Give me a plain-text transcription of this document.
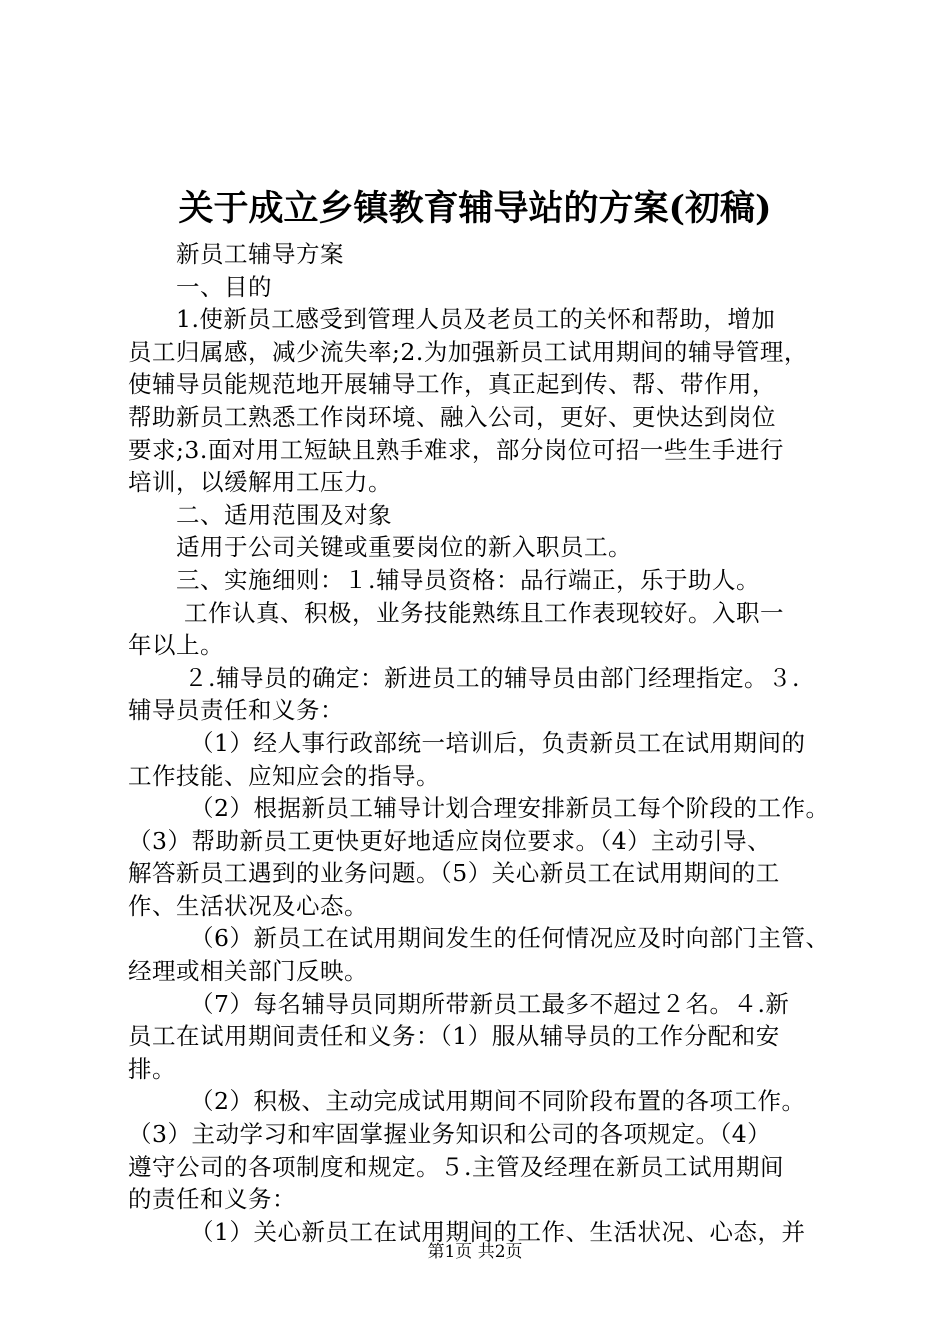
关于成立乡镇教育辅导站的方案(初稿)
新员工辅导方案
一、目的
1.使新员工感受到管理人员及老员工的关怀和帮助，增加
员工归属感，减少流失率;2.为加强新员工试用期间的辅导管理，
使辅导员能规范地开展辅导工作，真正起到传、帮、带作用，
帮助新员工熟悉工作岗环境、融入公司，更好、更快达到岗位
要求;3.面对用工短缺且熟手难求，部分岗位可招一些生手进行
培训，以缓解用工压力。
二、适用范围及对象
适用于公司关键或重要岗位的新入职员工。
三、实施细则：１.辅导员资格：品行端正，乐于助人。
工作认真、积极，业务技能熟练且工作表现较好。入职一
年以上。
２.辅导员的确定：新进员工的辅导员由部门经理指定。３.
辅导员责任和义务：
（1）经人事行政部统一培训后，负责新员工在试用期间的
工作技能、应知应会的指导。
（2）根据新员工辅导计划合理安排新员工每个阶段的工作。
（3）帮助新员工更快更好地适应岗位要求。（4）主动引导、
解答新员工遇到的业务问题。（5）关心新员工在试用期间的工
作、生活状况及心态。
（6）新员工在试用期间发生的任何情况应及时向部门主管、
经理或相关部门反映。
（7）每名辅导员同期所带新员工最多不超过２名。４.新
员工在试用期间责任和义务：（1）服从辅导员的工作分配和安
排。
（2）积极、主动完成试用期间不同阶段布置的各项工作。
（3）主动学习和牢固掌握业务知识和公司的各项规定。（4）
遵守公司的各项制度和规定。５.主管及经理在新员工试用期间
的责任和义务：
（1）关心新员工在试用期间的工作、生活状况、心态，并
第1页 共2页
